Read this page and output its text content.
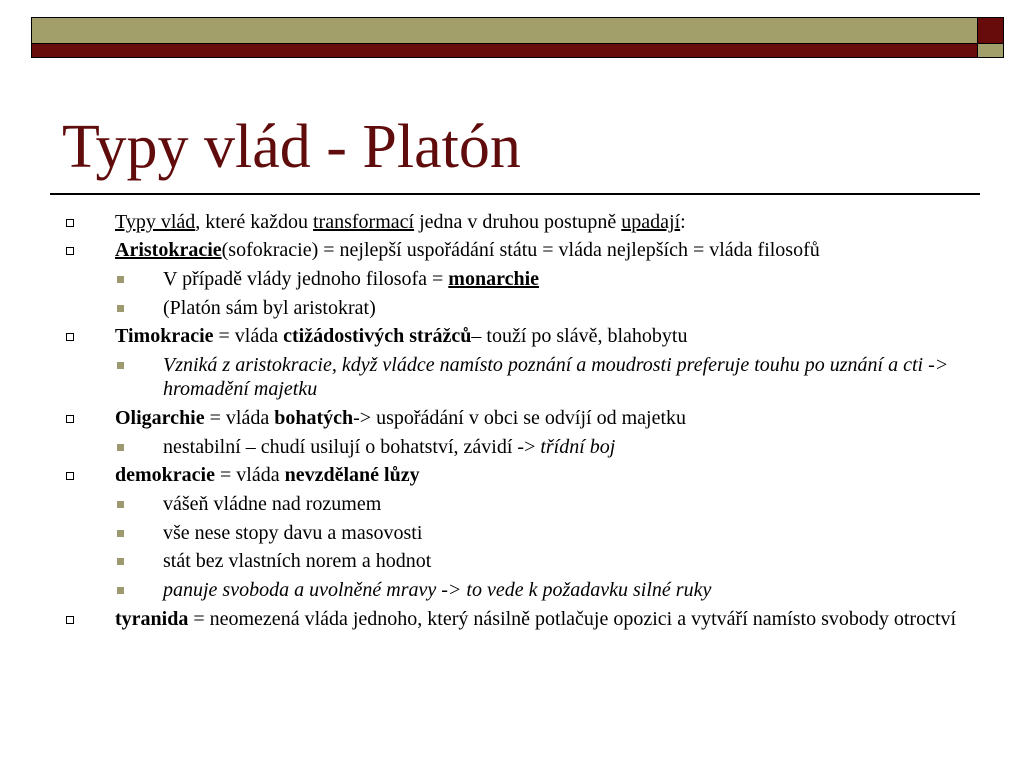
Typy vlád - Platón
Typy vlád, které každou transformací jedna v druhou postupně upadají:
Aristokracie(sofokracie) = nejlepší uspořádání státu = vláda nejlepších = vláda filosofů
V případě vlády jednoho filosofa = monarchie
(Platón sám byl aristokrat)
Timokracie = vláda ctižádostivých strážců– touží po slávě, blahobytu
Vzniká z aristokracie, když vládce namísto poznání a moudrosti preferuje touhu po uznání a cti ->
hromadění majetku
Oligarchie = vláda bohatých-> uspořádání v obci se odvíjí od majetku
nestabilní – chudí usilují o bohatství, závidí -> třídní boj
demokracie = vláda nevzdělané lůzy
vášeň vládne nad rozumem
vše nese stopy davu a masovosti
stát bez vlastních norem a hodnot
panuje svoboda a uvolněné mravy -> to vede k požadavku silné ruky
tyranida = neomezená vláda jednoho, který násilně potlačuje opozici a vytváří namísto svobody otroctví
